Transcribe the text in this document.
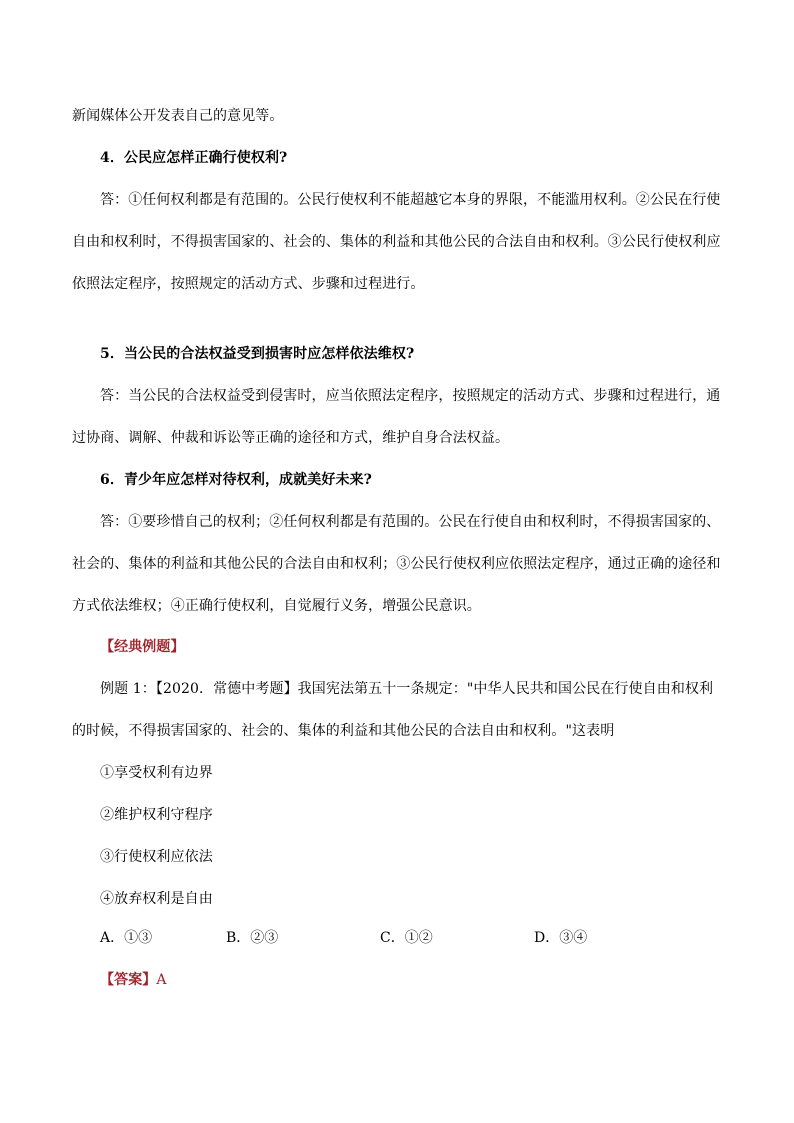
新闻媒体公开发表自己的意见等。
4．公民应怎样正确行使权利?
答：①任何权利都是有范围的。公民行使权利不能超越它本身的界限，不能滥用权利。②公民在行使
自由和权利时，不得损害国家的、社会的、集体的利益和其他公民的合法自由和权利。③公民行使权利应
依照法定程序，按照规定的活动方式、步骤和过程进行。
5．当公民的合法权益受到损害时应怎样依法维权?
答：当公民的合法权益受到侵害时，应当依照法定程序，按照规定的活动方式、步骤和过程进行，通
过协商、调解、仲裁和诉讼等正确的途径和方式，维护自身合法权益。
6．青少年应怎样对待权利，成就美好未来?
答：①要珍惜自己的权利；②任何权利都是有范围的。公民在行使自由和权利时，不得损害国家的、
社会的、集体的利益和其他公民的合法自由和权利；③公民行使权利应依照法定程序，通过正确的途径和
方式依法维权；④正确行使权利，自觉履行义务，增强公民意识。
【经典例题】
例题 1：【2020．常德中考题】我国宪法第五十一条规定："中华人民共和国公民在行使自由和权利
的时候，不得损害国家的、社会的、集体的利益和其他公民的合法自由和权利。"这表明
①享受权利有边界
②维护权利守程序
③行使权利应依法
④放弃权利是自由
A．①③	B．②③	C．①②	D．③④
【答案】A
